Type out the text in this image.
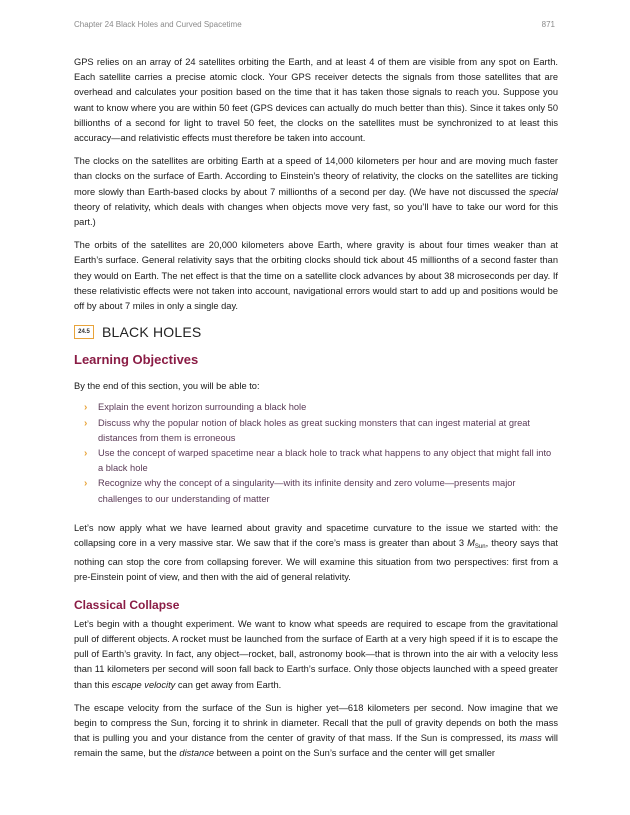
Chapter 24 Black Holes and Curved Spacetime	871

GPS relies on an array of 24 satellites orbiting the Earth, and at least 4 of them are visible from any spot on Earth. Each satellite carries a precise atomic clock. Your GPS receiver detects the signals from those satellites that are overhead and calculates your position based on the time that it has taken those signals to reach you. Suppose you want to know where you are within 50 feet (GPS devices can actually do much better than this). Since it takes only 50 billionths of a second for light to travel 50 feet, the clocks on the satellites must be synchronized to at least this accuracy—and relativistic effects must therefore be taken into account.

The clocks on the satellites are orbiting Earth at a speed of 14,000 kilometers per hour and are moving much faster than clocks on the surface of Earth. According to Einstein’s theory of relativity, the clocks on the satellites are ticking more slowly than Earth-based clocks by about 7 millionths of a second per day. (We have not discussed the special theory of relativity, which deals with changes when objects move very fast, so you’ll have to take our word for this part.)

The orbits of the satellites are 20,000 kilometers above Earth, where gravity is about four times weaker than at Earth’s surface. General relativity says that the orbiting clocks should tick about 45 millionths of a second faster than they would on Earth. The net effect is that the time on a satellite clock advances by about 38 microseconds per day. If these relativistic effects were not taken into account, navigational errors would start to add up and positions would be off by about 7 miles in only a single day.

24.5 BLACK HOLES
Learning Objectives

By the end of this section, you will be able to:

› Explain the event horizon surrounding a black hole
› Discuss why the popular notion of black holes as great sucking monsters that can ingest material at great distances from them is erroneous
› Use the concept of warped spacetime near a black hole to track what happens to any object that might fall into a black hole
› Recognize why the concept of a singularity—with its infinite density and zero volume—presents major challenges to our understanding of matter

Let’s now apply what we have learned about gravity and spacetime curvature to the issue we started with: the collapsing core in a very massive star. We saw that if the core’s mass is greater than about 3 $M_{Sun}$, theory says that nothing can stop the core from collapsing forever. We will examine this situation from two perspectives: first from a pre-Einstein point of view, and then with the aid of general relativity.

Classical Collapse

Let’s begin with a thought experiment. We want to know what speeds are required to escape from the gravitational pull of different objects. A rocket must be launched from the surface of Earth at a very high speed if it is to escape the pull of Earth’s gravity. In fact, any object—rocket, ball, astronomy book—that is thrown into the air with a velocity less than 11 kilometers per second will soon fall back to Earth’s surface. Only those objects launched with a speed greater than this escape velocity can get away from Earth.

The escape velocity from the surface of the Sun is higher yet—618 kilometers per second. Now imagine that we begin to compress the Sun, forcing it to shrink in diameter. Recall that the pull of gravity depends on both the mass that is pulling you and your distance from the center of gravity of that mass. If the Sun is compressed, its mass will remain the same, but the distance between a point on the Sun’s surface and the center will get smaller
